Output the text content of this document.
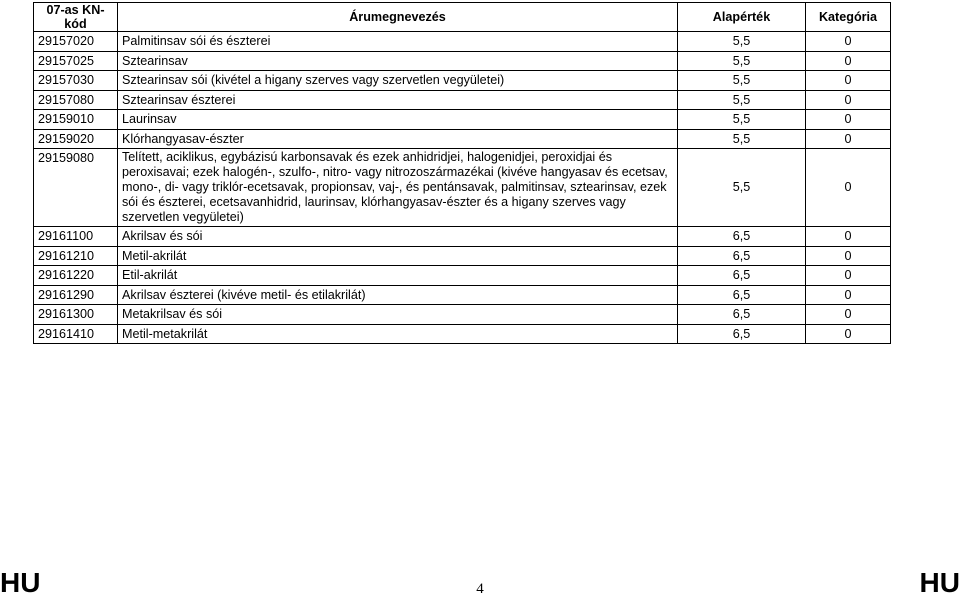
07-as KN-kód	Árumegnevezés	Alapérték	Kategória
29157020	Palmitinsav sói és észterei	5,5	0
29157025	Sztearinsav	5,5	0
29157030	Sztearinsav sói (kivétel a higany szerves vagy szervetlen vegyületei)	5,5	0
29157080	Sztearinsav észterei	5,5	0
29159010	Laurinsav	5,5	0
29159020	Klórhangyasav-észter	5,5	0
29159080	Telített, aciklikus, egybázisú karbonsavak és ezek anhidridjei, halogenidjei, peroxidjai és peroxisavai; ezek halogén-, szulfo-, nitro- vagy nitrozoszármazékai (kivéve hangyasav és ecetsav, mono-, di- vagy triklór-ecetsavak, propionsav, vaj-, és pentánsavak, palmitinsav, sztearinsav, ezek sói és észterei, ecetsavanhidrid, laurinsav, klórhangyasav-észter és a higany szerves vagy szervetlen vegyületei)	5,5	0
29161100	Akrilsav és sói	6,5	0
29161210	Metil-akrilát	6,5	0
29161220	Etil-akrilát	6,5	0
29161290	Akrilsav észterei (kivéve metil- és etilakrilát)	6,5	0
29161300	Metakrilsav és sói	6,5	0
29161410	Metil-metakrilát	6,5	0
HU	4	HU
